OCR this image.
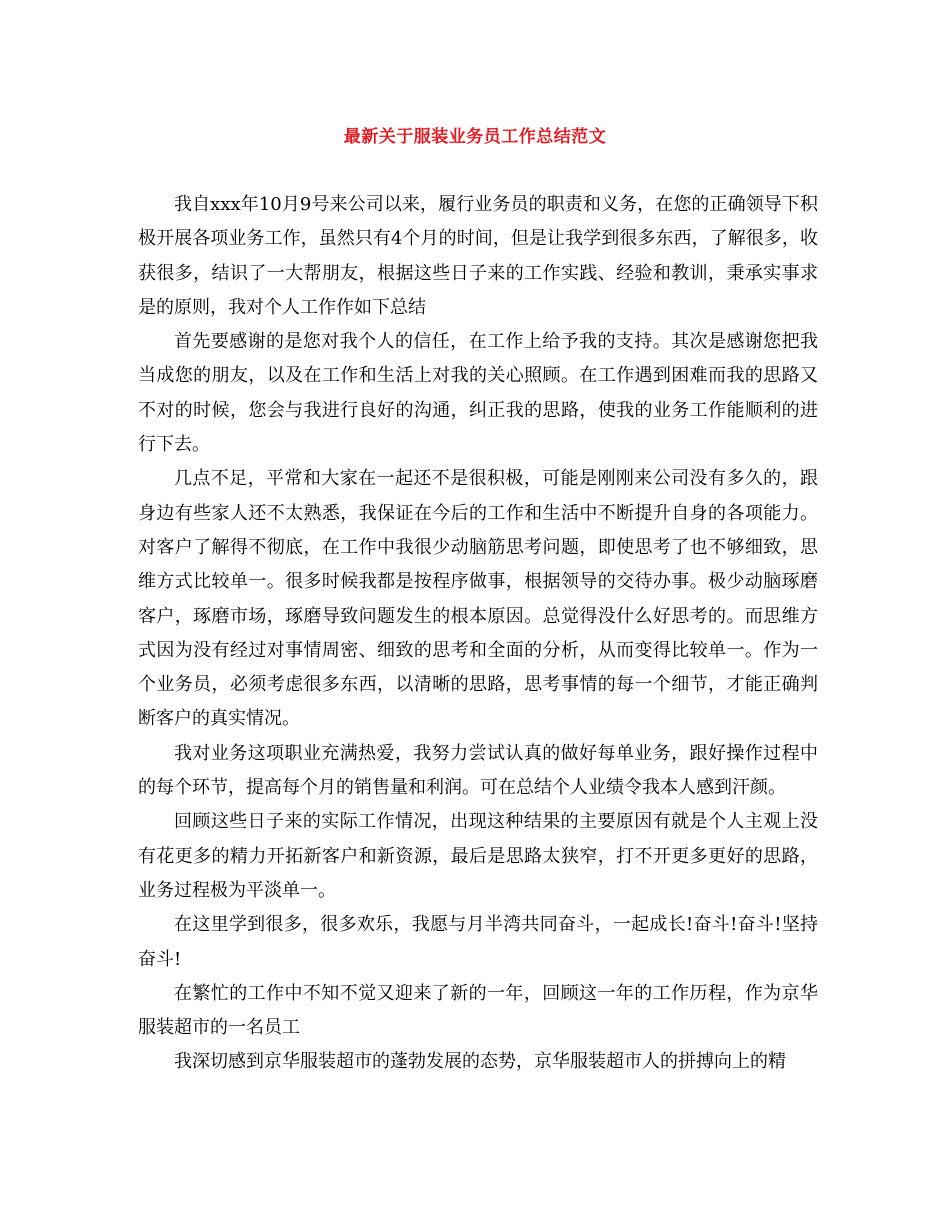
最新关于服装业务员工作总结范文

我自xxx年10月9号来公司以来，履行业务员的职责和义务，在您的正确领导下积极开展各项业务工作，虽然只有4个月的时间，但是让我学到很多东西，了解很多，收获很多，结识了一大帮朋友，根据这些日子来的工作实践、经验和教训，秉承实事求是的原则，我对个人工作作如下总结

首先要感谢的是您对我个人的信任，在工作上给予我的支持。其次是感谢您把我当成您的朋友，以及在工作和生活上对我的关心照顾。在工作遇到困难而我的思路又不对的时候，您会与我进行良好的沟通，纠正我的思路，使我的业务工作能顺利的进行下去。

几点不足，平常和大家在一起还不是很积极，可能是刚刚来公司没有多久的，跟身边有些家人还不太熟悉，我保证在今后的工作和生活中不断提升自身的各项能力。对客户了解得不彻底，在工作中我很少动脑筋思考问题，即使思考了也不够细致，思维方式比较单一。很多时候我都是按程序做事，根据领导的交待办事。极少动脑琢磨客户，琢磨市场，琢磨导致问题发生的根本原因。总觉得没什么好思考的。而思维方式因为没有经过对事情周密、细致的思考和全面的分析，从而变得比较单一。作为一个业务员，必须考虑很多东西，以清晰的思路，思考事情的每一个细节，才能正确判断客户的真实情况。

我对业务这项职业充满热爱，我努力尝试认真的做好每单业务，跟好操作过程中的每个环节，提高每个月的销售量和利润。可在总结个人业绩令我本人感到汗颜。

回顾这些日子来的实际工作情况，出现这种结果的主要原因有就是个人主观上没有花更多的精力开拓新客户和新资源，最后是思路太狭窄，打不开更多更好的思路，业务过程极为平淡单一。

在这里学到很多，很多欢乐，我愿与月半湾共同奋斗，一起成长!奋斗!奋斗!坚持奋斗!

在繁忙的工作中不知不觉又迎来了新的一年，回顾这一年的工作历程，作为京华服装超市的一名员工

我深切感到京华服装超市的蓬勃发展的态势，京华服装超市人的拼搏向上的精
